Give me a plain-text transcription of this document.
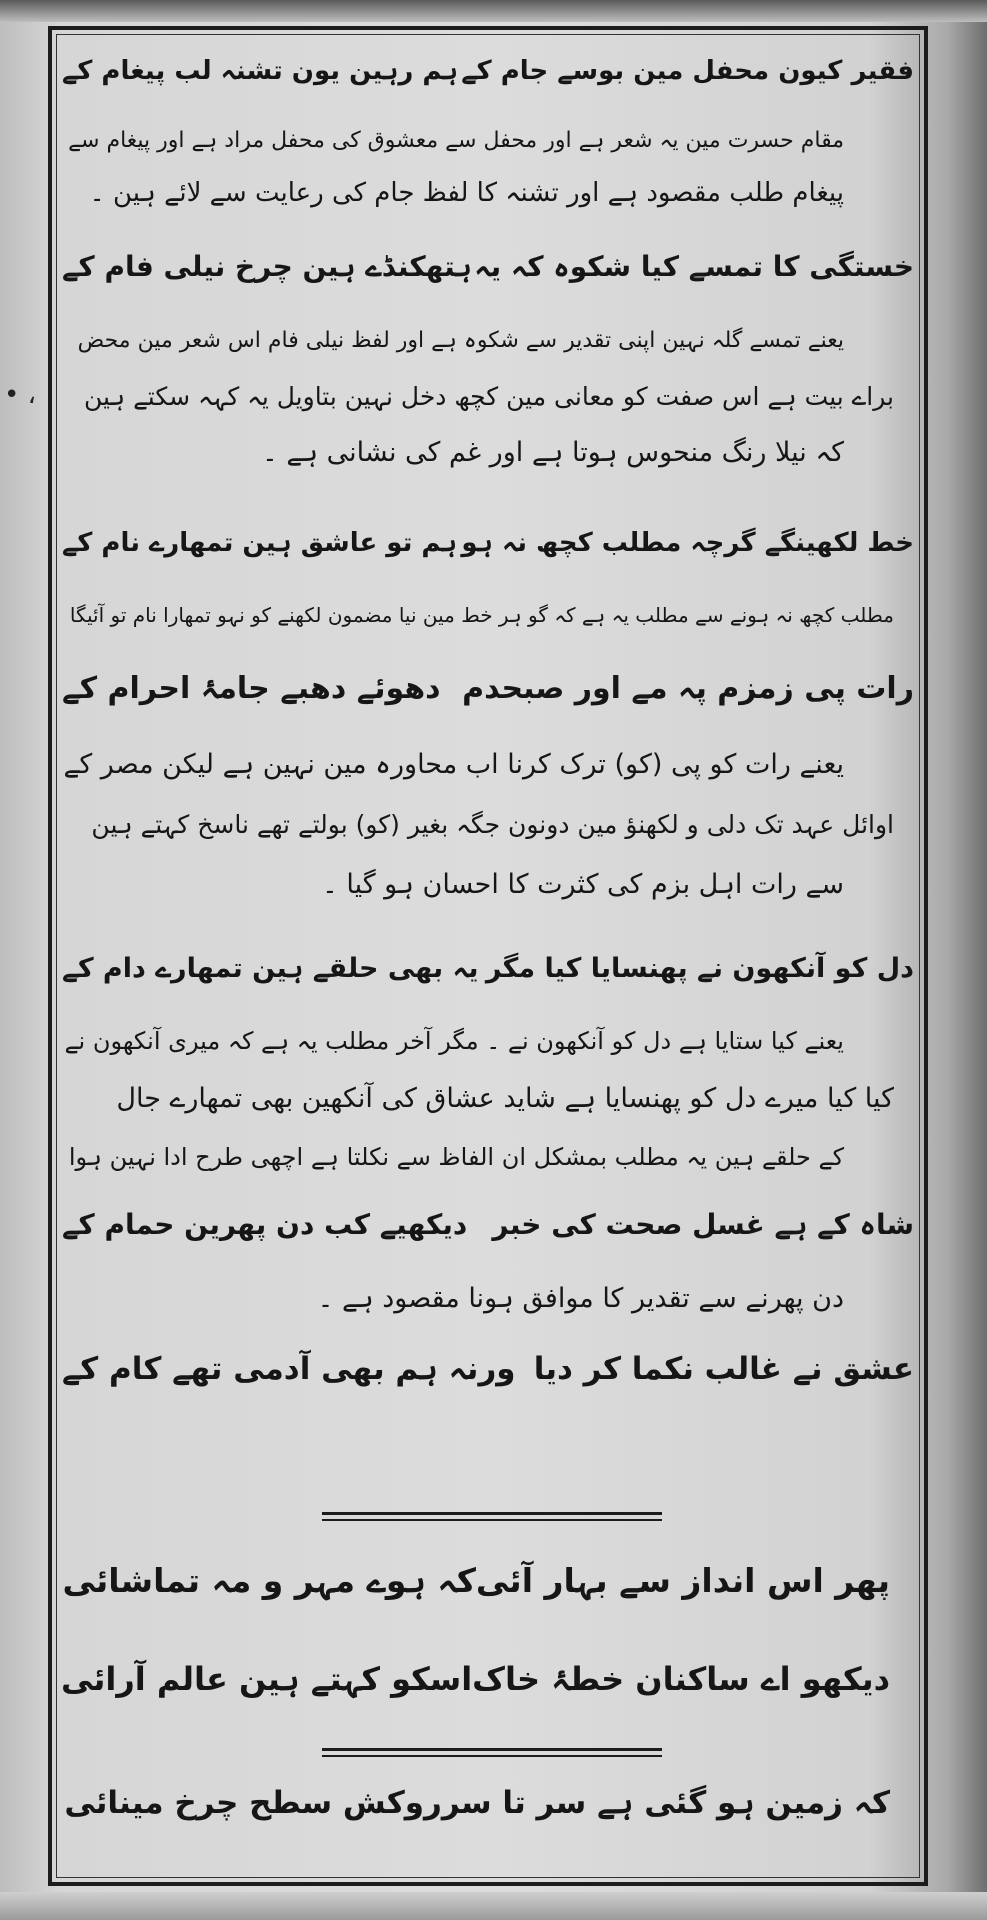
• ،
فقیر کیون محفل مین بوسے جام کے
ہم رہین یون تشنہ لب پیغام کے
مقام حسرت مین یہ شعر ہے اور محفل سے معشوق کی محفل مراد ہے اور پیغام سے
پیغام طلب مقصود ہے اور تشنہ کا لفظ جام کی رعایت سے لائے ہین ۔
خستگی کا تمسے کیا شکوہ کہ یہ
ہتھکنڈے ہین چرخ نیلی فام کے
یعنے تمسے گلہ نہین اپنی تقدیر سے شکوہ ہے اور لفظ نیلی فام اس شعر مین محض
براے بیت ہے اس صفت کو معانی مین کچھ دخل نہین بتاویل یہ کہہ سکتے ہین
کہ نیلا رنگ منحوس ہوتا ہے اور غم کی نشانی ہے ۔
خط لکھینگے گرچہ مطلب کچھ نہ ہو
ہم تو عاشق ہین تمھارے نام کے
مطلب کچھ نہ ہونے سے مطلب یہ ہے کہ گو ہر خط مین نیا مضمون لکھنے کو نہو تمھارا نام تو آئیگا
رات پی زمزم پہ مے اور صبحدم
دھوئے دھبے جامۂ احرام کے
یعنے رات کو پی (کو) ترک کرنا اب محاورہ مین نہین ہے لیکن مصر کے
اوائل عہد تک دلی و لکھنؤ مین دونون جگہ بغیر (کو) بولتے تھے ناسخ کہتے ہین
سے رات اہل بزم کی کثرت کا احسان ہو گیا ۔
دل کو آنکھون نے پھنسایا کیا مگر
یہ بھی حلقے ہین تمھارے دام کے
یعنے کیا ستایا ہے دل کو آنکھون نے ۔ مگر آخر مطلب یہ ہے کہ میری آنکھون نے
کیا کیا میرے دل کو پھنسایا ہے شاید عشاق کی آنکھین بھی تمھارے جال
کے حلقے ہین یہ مطلب بمشکل ان الفاظ سے نکلتا ہے اچھی طرح ادا نہین ہوا
شاہ کے ہے غسل صحت کی خبر
دیکھیے کب دن پھرین حمام کے
دن پھرنے سے تقدیر کا موافق ہونا مقصود ہے ۔
عشق نے غالب نکما کر دیا
ورنہ ہم بھی آدمی تھے کام کے
پھر اس انداز سے بہار آئی
کہ ہوے مہر و مہ تماشائی
دیکھو اے ساکنان خطۂ خاک
اسکو کہتے ہین عالم آرائی
کہ زمین ہو گئی ہے سر تا سر
روکش سطح چرخ مینائی
